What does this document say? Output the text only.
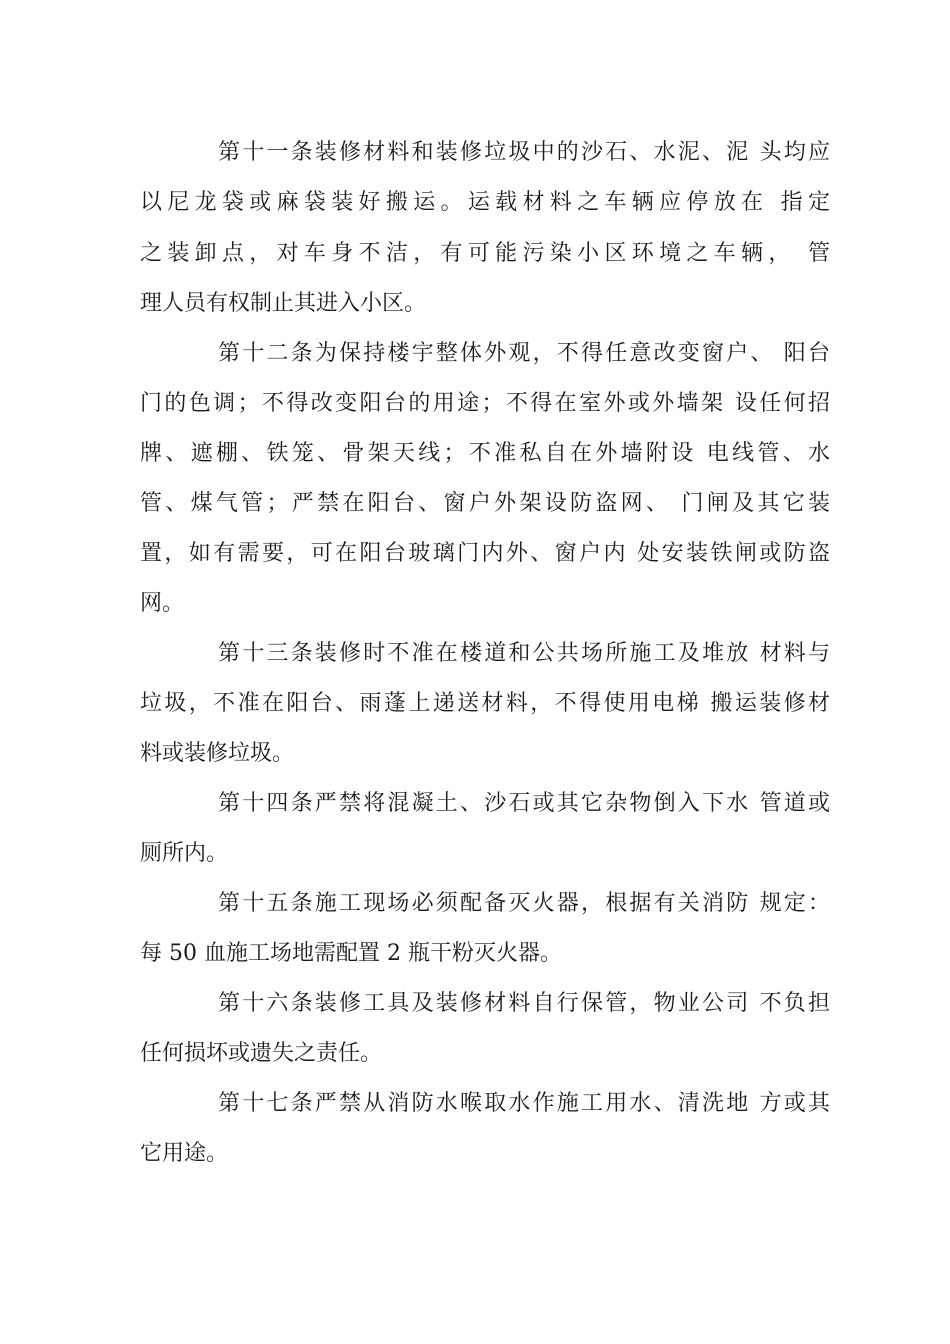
第十一条装修材料和装修垃圾中的沙石、水泥、泥 头均应
以尼龙袋或麻袋装好搬运。运载材料之车辆应停放在 指定
之装卸点，对车身不洁，有可能污染小区环境之车辆， 管
理人员有权制止其进入小区。
第十二条为保持楼宇整体外观，不得任意改变窗户、 阳台
门的色调；不得改变阳台的用途；不得在室外或外墙架 设任何招
牌、遮棚、铁笼、骨架天线；不准私自在外墙附设 电线管、水
管、煤气管；严禁在阳台、窗户外架设防盗网、 门闸及其它装
置，如有需要，可在阳台玻璃门内外、窗户内 处安装铁闸或防盗
网。
第十三条装修时不准在楼道和公共场所施工及堆放 材料与
垃圾，不准在阳台、雨蓬上递送材料，不得使用电梯 搬运装修材
料或装修垃圾。
第十四条严禁将混凝土、沙石或其它杂物倒入下水 管道或
厕所内。
第十五条施工现场必须配备灭火器，根据有关消防 规定：
每 50 血施工场地需配置 2 瓶干粉灭火器。
第十六条装修工具及装修材料自行保管，物业公司 不负担
任何损坏或遗失之责任。
第十七条严禁从消防水喉取水作施工用水、清洗地 方或其
它用途。
